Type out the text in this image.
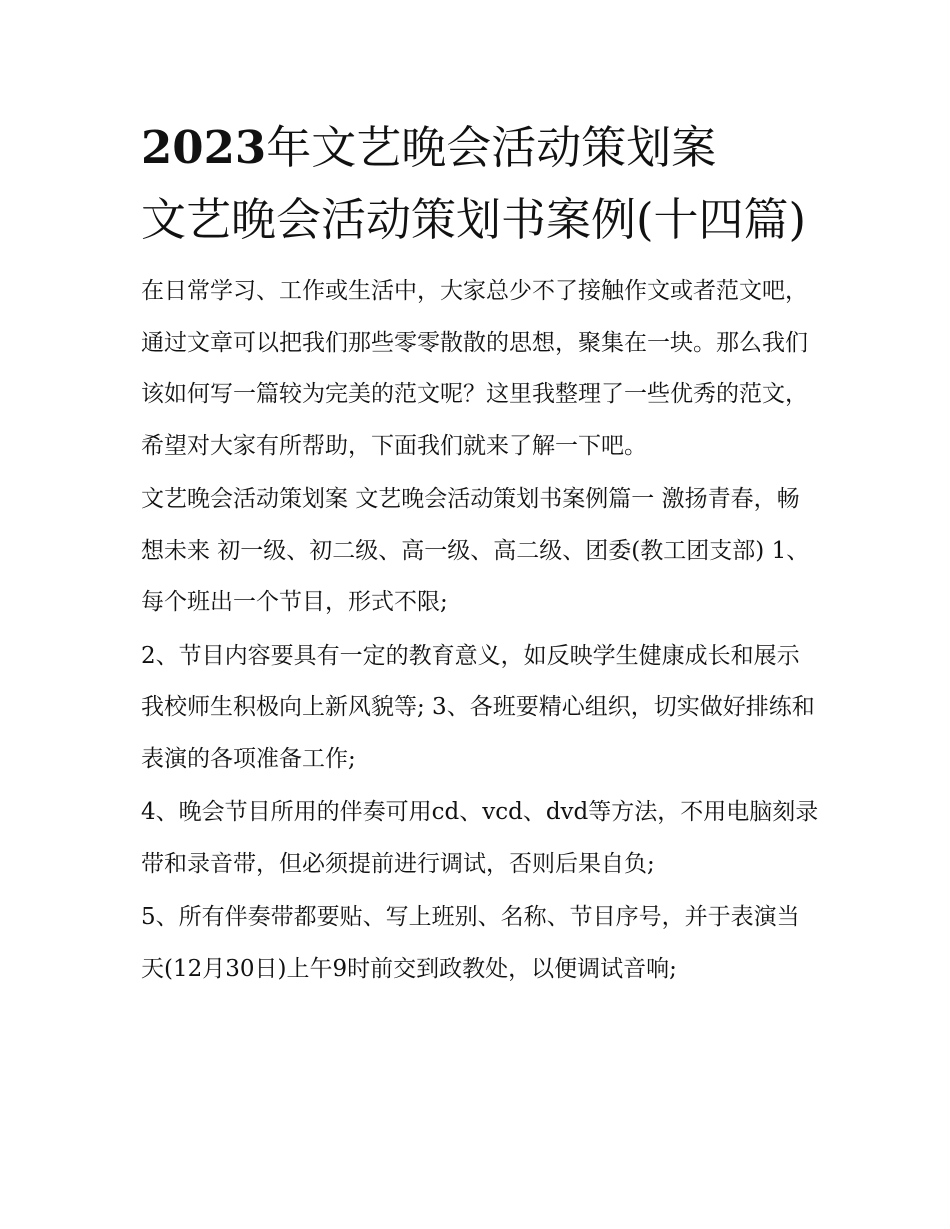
2023年文艺晚会活动策划案
文艺晚会活动策划书案例(十四篇)

在日常学习、工作或生活中，大家总少不了接触作文或者范文吧，通过文章可以把我们那些零零散散的思想，聚集在一块。那么我们该如何写一篇较为完美的范文呢？这里我整理了一些优秀的范文，希望对大家有所帮助，下面我们就来了解一下吧。

文艺晚会活动策划案 文艺晚会活动策划书案例篇一 激扬青春，畅想未来 初一级、初二级、高一级、高二级、团委(教工团支部) 1、每个班出一个节目，形式不限;

2、节目内容要具有一定的教育意义，如反映学生健康成长和展示我校师生积极向上新风貌等; 3、各班要精心组织，切实做好排练和表演的各项准备工作;

4、晚会节目所用的伴奏可用cd、vcd、dvd等方法，不用电脑刻录带和录音带，但必须提前进行调试，否则后果自负;

5、所有伴奏带都要贴、写上班别、名称、节目序号，并于表演当天(12月30日)上午9时前交到政教处，以便调试音响;
